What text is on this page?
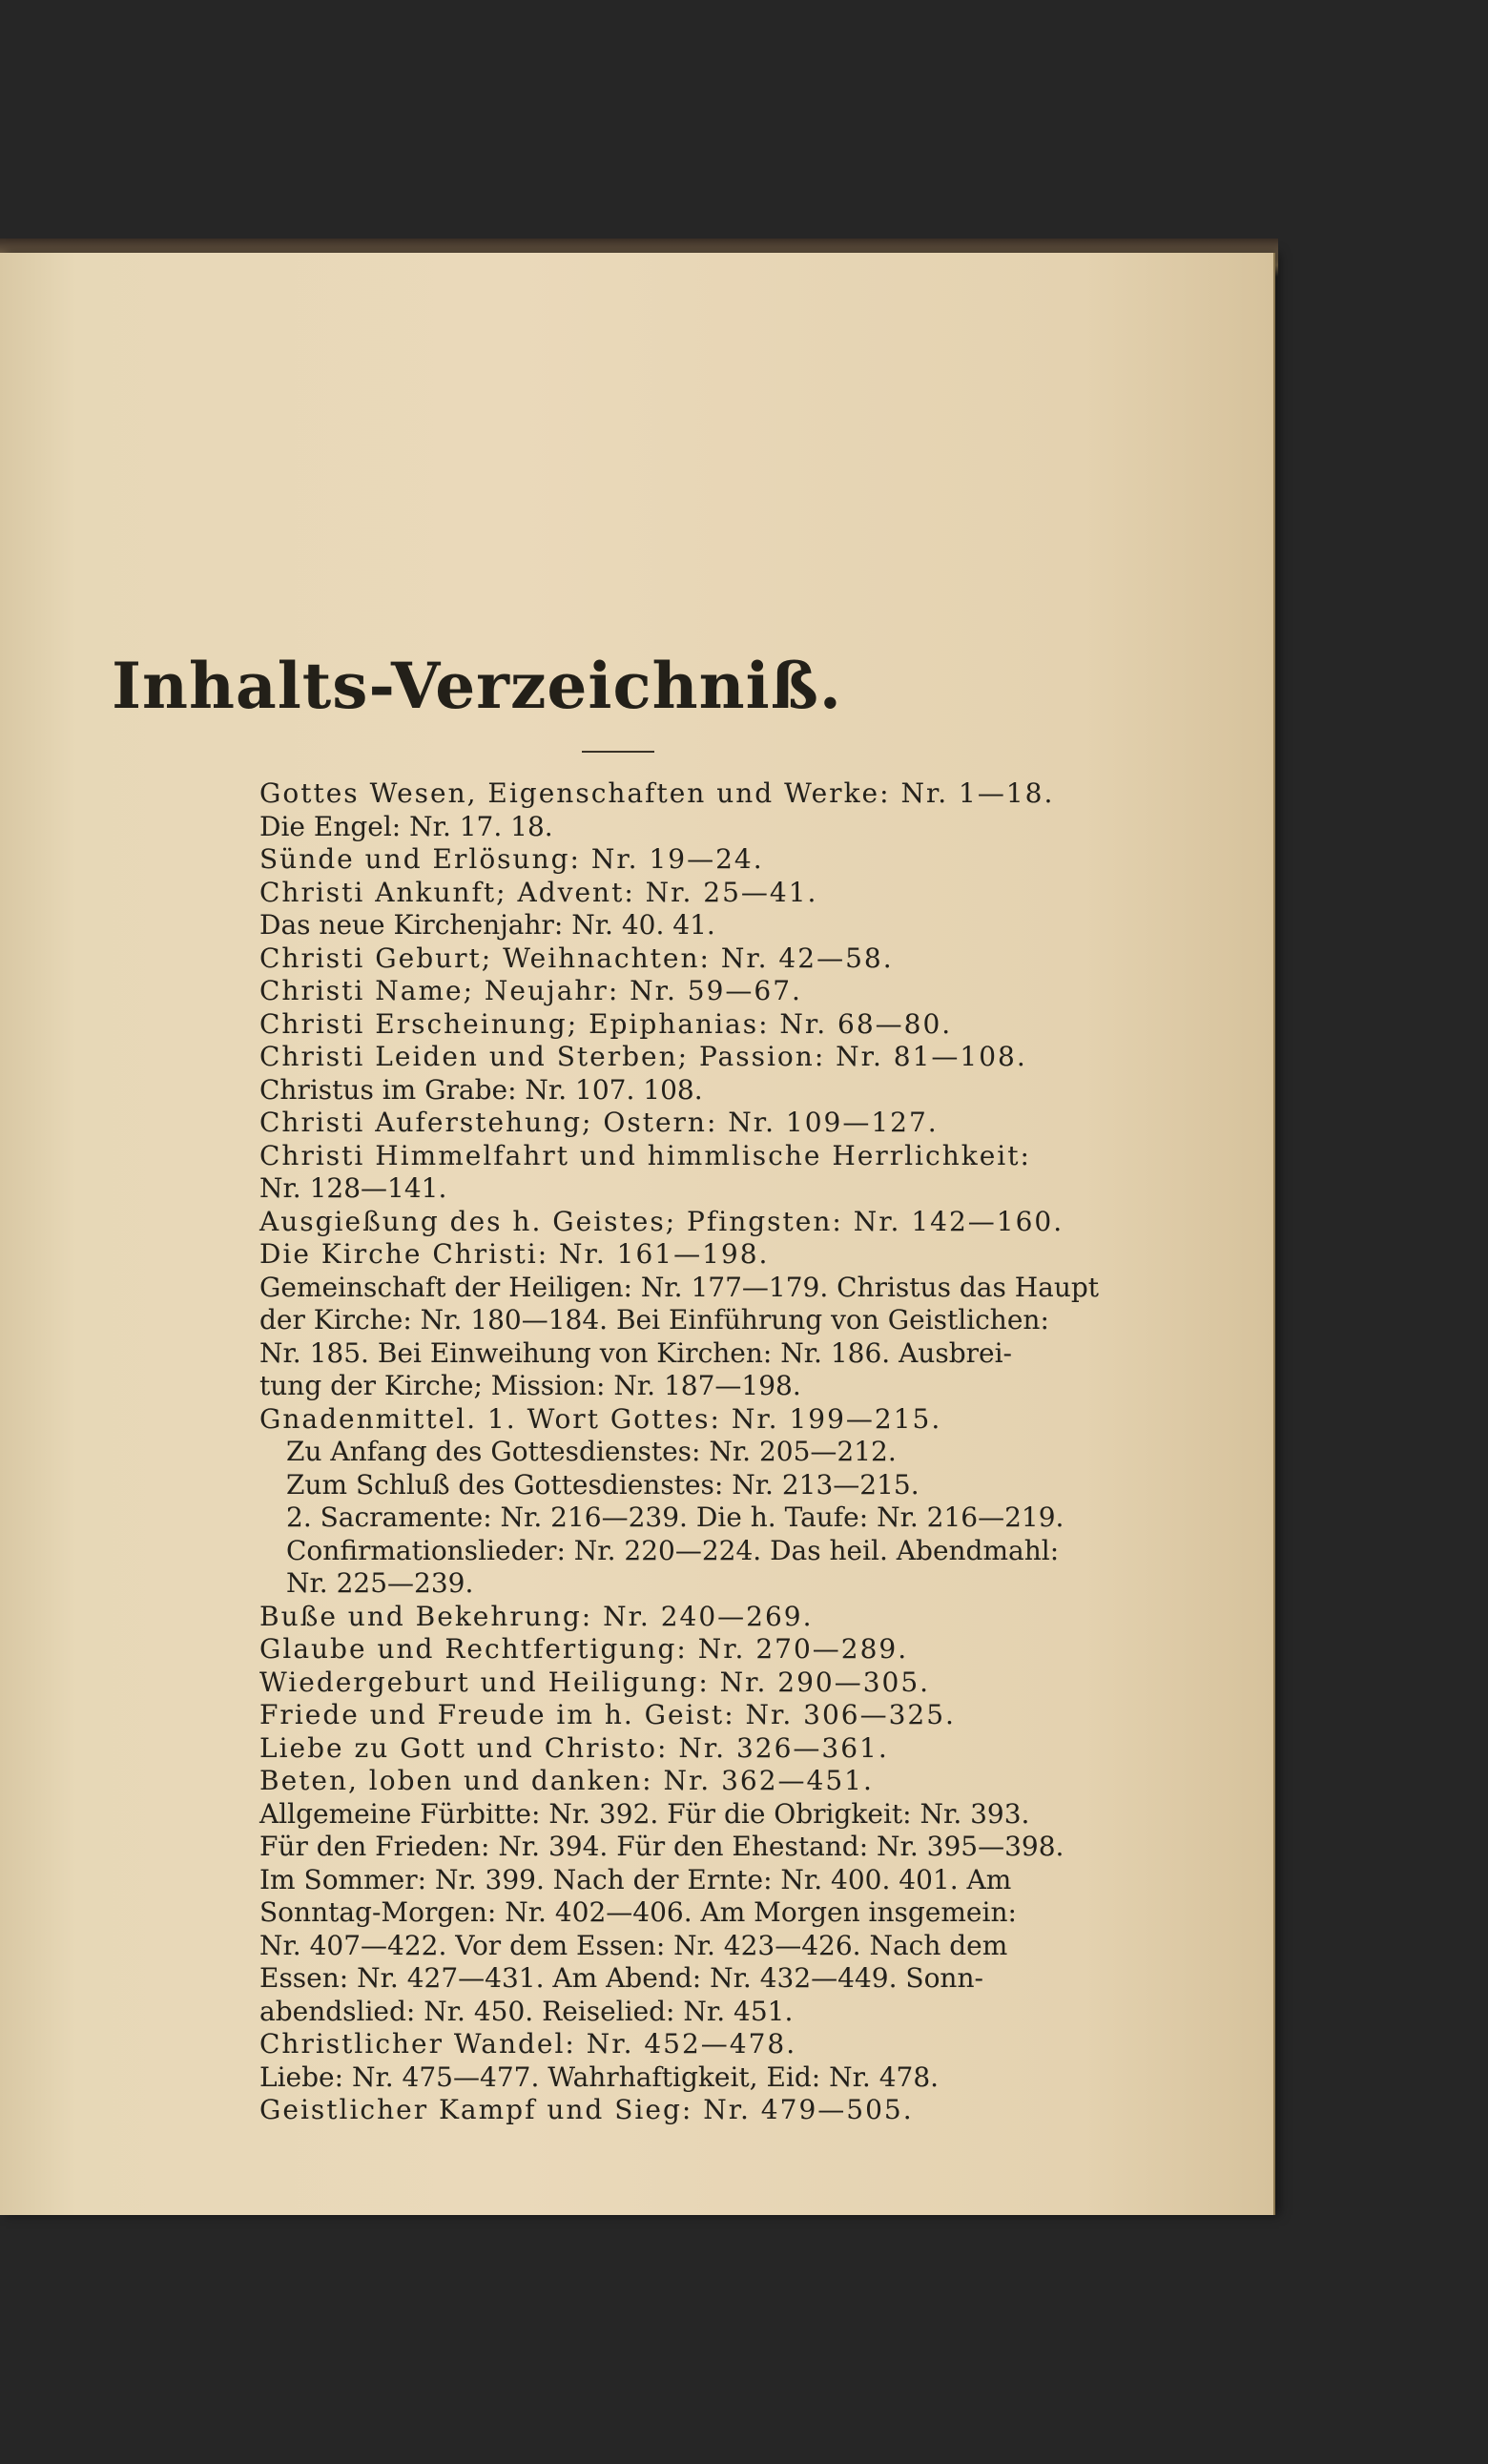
Inhalts-Verzeichniß.
Gottes Wesen, Eigenschaften und Werke: Nr. 1—18.
Die Engel: Nr. 17. 18.
Sünde und Erlösung: Nr. 19—24.
Christi Ankunft; Advent: Nr. 25—41.
Das neue Kirchenjahr: Nr. 40. 41.
Christi Geburt; Weihnachten: Nr. 42—58.
Christi Name; Neujahr: Nr. 59—67.
Christi Erscheinung; Epiphanias: Nr. 68—80.
Christi Leiden und Sterben; Passion: Nr. 81—108.
Christus im Grabe: Nr. 107. 108.
Christi Auferstehung; Ostern: Nr. 109—127.
Christi Himmelfahrt und himmlische Herrlichkeit:
Nr. 128—141.
Ausgießung des h. Geistes; Pfingsten: Nr. 142—160.
Die Kirche Christi: Nr. 161—198.
Gemeinschaft der Heiligen: Nr. 177—179. Christus das Haupt
der Kirche: Nr. 180—184. Bei Einführung von Geistlichen:
Nr. 185. Bei Einweihung von Kirchen: Nr. 186. Ausbrei-
tung der Kirche; Mission: Nr. 187—198.
Gnadenmittel. 1. Wort Gottes: Nr. 199—215.
Zu Anfang des Gottesdienstes: Nr. 205—212.
Zum Schluß des Gottesdienstes: Nr. 213—215.
2. Sacramente: Nr. 216—239. Die h. Taufe: Nr. 216—219.
Confirmationslieder: Nr. 220—224. Das heil. Abendmahl:
Nr. 225—239.
Buße und Bekehrung: Nr. 240—269.
Glaube und Rechtfertigung: Nr. 270—289.
Wiedergeburt und Heiligung: Nr. 290—305.
Friede und Freude im h. Geist: Nr. 306—325.
Liebe zu Gott und Christo: Nr. 326—361.
Beten, loben und danken: Nr. 362—451.
Allgemeine Fürbitte: Nr. 392. Für die Obrigkeit: Nr. 393.
Für den Frieden: Nr. 394. Für den Ehestand: Nr. 395—398.
Im Sommer: Nr. 399. Nach der Ernte: Nr. 400. 401. Am
Sonntag-Morgen: Nr. 402—406. Am Morgen insgemein:
Nr. 407—422. Vor dem Essen: Nr. 423—426. Nach dem
Essen: Nr. 427—431. Am Abend: Nr. 432—449. Sonn-
abendslied: Nr. 450. Reiselied: Nr. 451.
Christlicher Wandel: Nr. 452—478.
Liebe: Nr. 475—477. Wahrhaftigkeit, Eid: Nr. 478.
Geistlicher Kampf und Sieg: Nr. 479—505.
